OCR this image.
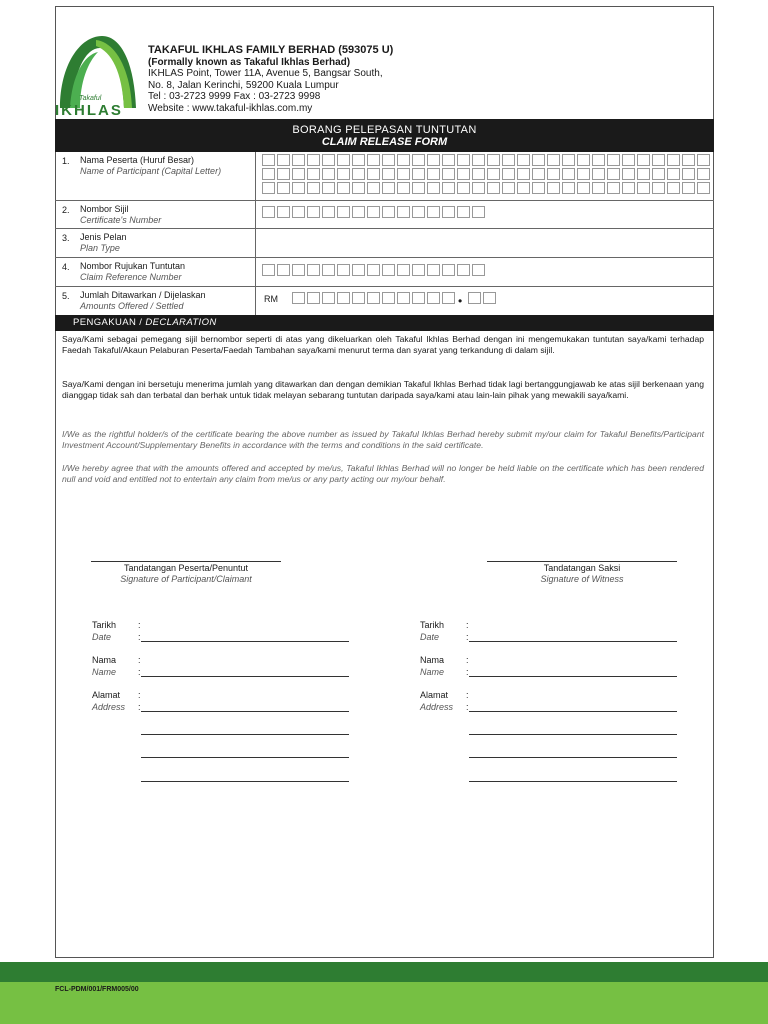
Takaful
IKHLAS
TAKAFUL IKHLAS FAMILY BERHAD (593075 U)
(Formally known as Takaful Ikhlas Berhad)
IKHLAS Point, Tower 11A, Avenue 5, Bangsar South,
No. 8, Jalan Kerinchi, 59200 Kuala Lumpur
Tel : 03-2723 9999 Fax : 03-2723 9998
Website : www.takaful-ikhlas.com.my
BORANG PELEPASAN TUNTUTAN
CLAIM RELEASE FORM
1. Nama Peserta (Huruf Besar)
Name of Participant (Capital Letter)
2. Nombor Sijil
Certificate's Number
3. Jenis Pelan
Plan Type
4. Nombor Rujukan Tuntutan
Claim Reference Number
5. Jumlah Ditawarkan / Dijelaskan
Amounts Offered / Settled
RM	•
PENGAKUAN / DECLARATION
Saya/Kami sebagai pemegang sijil bernombor seperti di atas yang dikeluarkan oleh Takaful Ikhlas Berhad dengan ini mengemukakan tuntutan saya/kami terhadap Faedah Takaful/Akaun Pelaburan Peserta/Faedah Tambahan saya/kami menurut terma dan syarat yang terkandung di dalam sijil.
Saya/Kami dengan ini bersetuju menerima jumlah yang ditawarkan dan dengan demikian Takaful Ikhlas Berhad tidak lagi bertanggungjawab ke atas sijil berkenaan yang dianggap tidak sah dan terbatal dan berhak untuk tidak melayan sebarang tuntutan daripada saya/kami atau lain-lain pihak yang mewakili saya/kami.
I/We as the rightful holder/s of the certificate bearing the above number as issued by Takaful Ikhlas Berhad hereby submit my/our claim for Takaful Benefits/Participant Investment Account/Supplementary Benefits in accordance with the terms and conditions in the said certificate.
I/We hereby agree that with the amounts offered and accepted by me/us, Takaful Ikhlas Berhad will no longer be held liable on the certificate which has been rendered null and void and entitled not to entertain any claim from me/us or any party acting our my/our behalf.
Tandatangan Peserta/Penuntut
Signature of Participant/Claimant
Tandatangan Saksi
Signature of Witness
Tarikh
Date
:
:
Nama
Name
:
:
Alamat
Address
:
:
Tarikh
Date
:
:
Nama
Name
:
:
Alamat
Address
:
:
FCL-PDM/001/FRM005/00
